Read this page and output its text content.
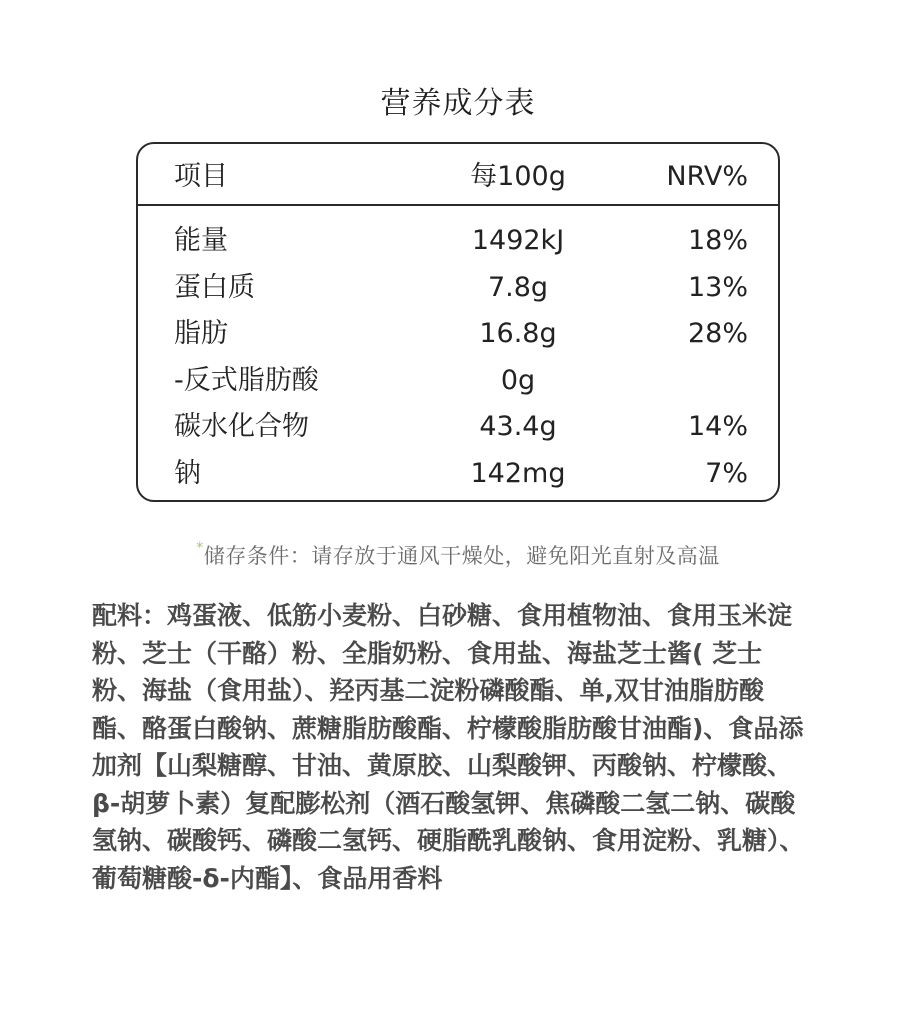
营养成分表
项目	每100g	NRV%
能量	1492kJ	18%
蛋白质	7.8g	13%
脂肪	16.8g	28%
-反式脂肪酸	0g
碳水化合物	43.4g	14%
钠	142mg	7%
*储存条件：请存放于通风干燥处，避免阳光直射及高温
配料：鸡蛋液、低筋小麦粉、白砂糖、食用植物油、食用玉米淀粉、芝士（干酪）粉、全脂奶粉、食用盐、海盐芝士酱( 芝士粉、海盐（食用盐）、羟丙基二淀粉磷酸酯、单,双甘油脂肪酸酯、酪蛋白酸钠、蔗糖脂肪酸酯、柠檬酸脂肪酸甘油酯)、食品添加剂【山梨糖醇、甘油、黄原胶、山梨酸钾、丙酸钠、柠檬酸、β-胡萝卜素）复配膨松剂（酒石酸氢钾、焦磷酸二氢二钠、碳酸氢钠、碳酸钙、磷酸二氢钙、硬脂酰乳酸钠、食用淀粉、乳糖）、葡萄糖酸-δ-内酯】、食品用香料
